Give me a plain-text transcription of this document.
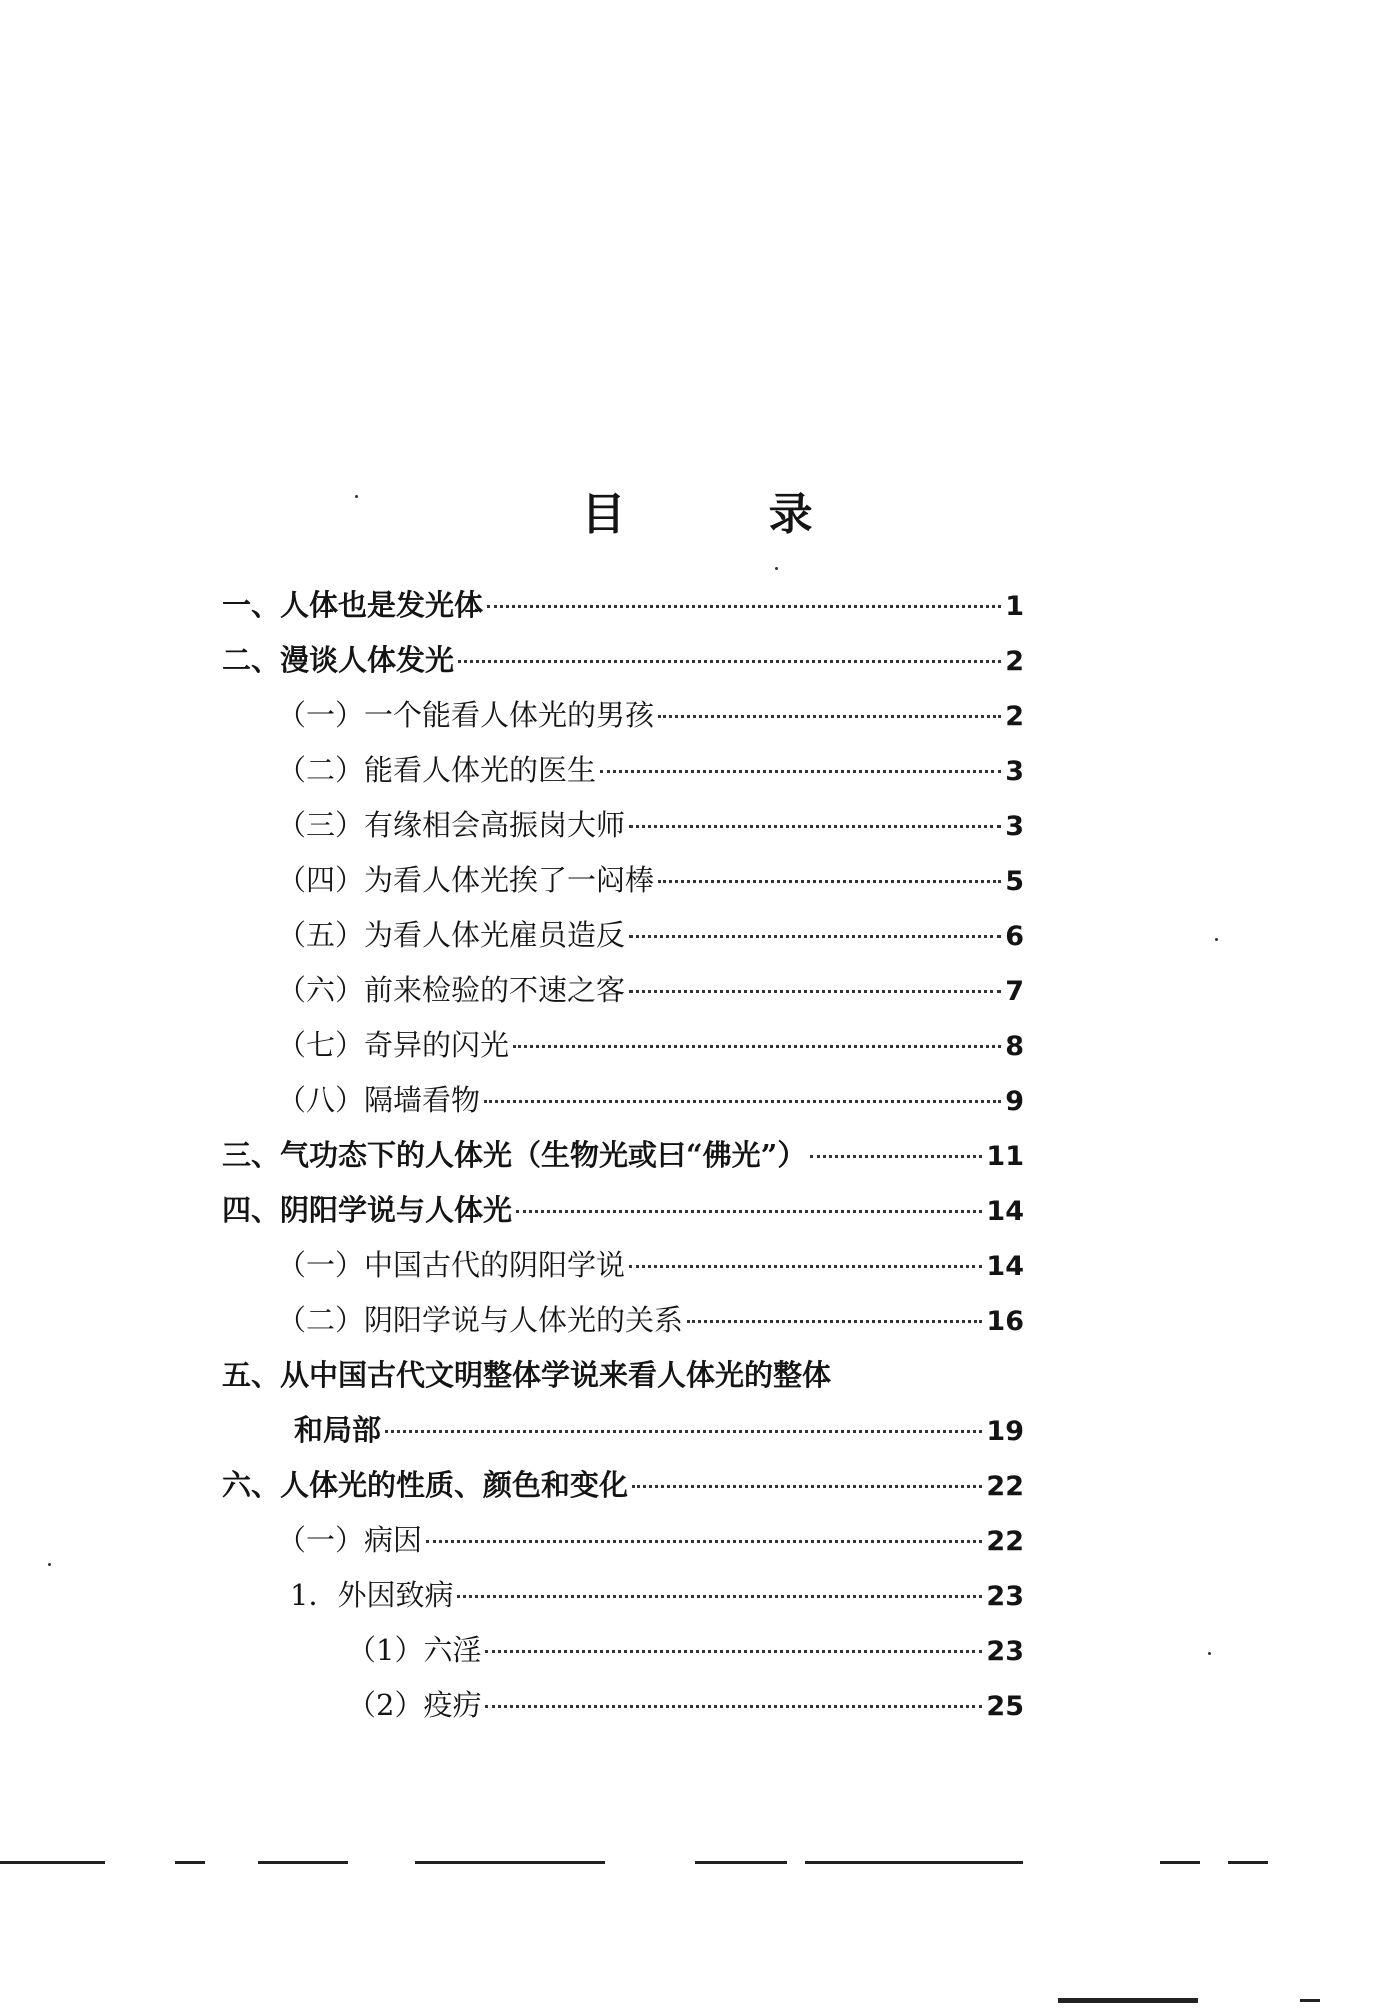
目 录
一、人体也是发光体	1
二、漫谈人体发光	2
（一）一个能看人体光的男孩	2
（二）能看人体光的医生	3
（三）有缘相会高振岗大师	3
（四）为看人体光挨了一闷棒	5
（五）为看人体光雇员造反	6
（六）前来检验的不速之客	7
（七）奇异的闪光	8
（八）隔墙看物	9
三、气功态下的人体光（生物光或曰“佛光”）	11
四、阴阳学说与人体光	14
（一）中国古代的阴阳学说	14
（二）阴阳学说与人体光的关系	16
五、从中国古代文明整体学说来看人体光的整体
和局部	19
六、人体光的性质、颜色和变化	22
（一）病因	22
1．外因致病	23
（1）六淫	23
（2）疫疠	25
